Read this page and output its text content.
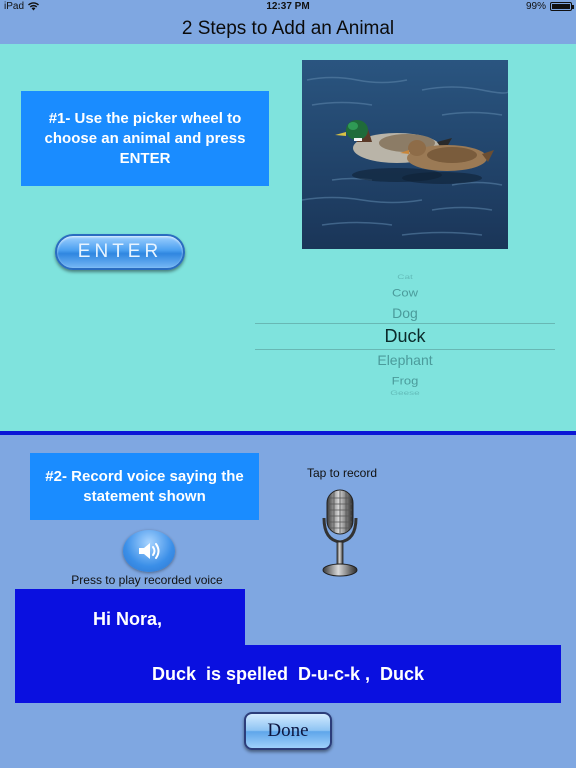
iPad	12:37 PM	99%
2 Steps to Add an Animal
#1- Use the picker wheel to choose an animal and press ENTER
ENTER
Cat
Cow
Dog
Duck
Elephant
Frog
Geese
#2- Record voice saying the statement shown
Tap to record
Press to play recorded voice
Hi Nora,
Duck  is spelled  D-u-c-k ,  Duck
Done
